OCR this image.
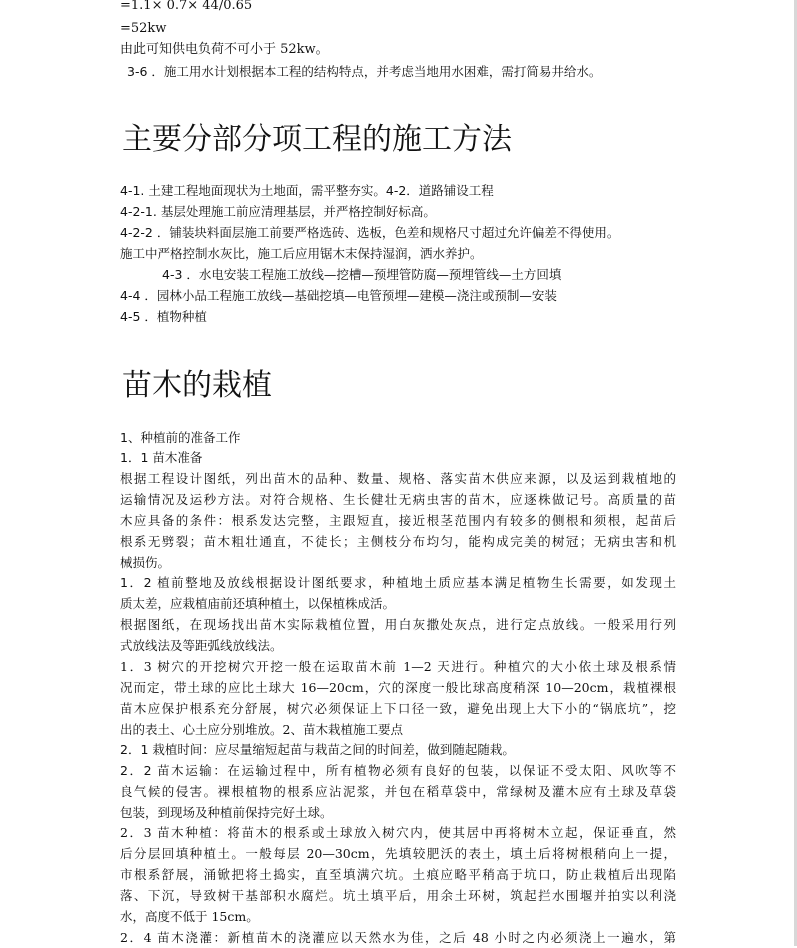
=1.1× 0.7× 44/0.65
=52kw
由此可知供电负荷不可小于 52kw。
3-6 ．施工用水计划根据本工程的结构特点，并考虑当地用水困难，需打简易井给水。
主要分部分项工程的施工方法
4-1. 土建工程地面现状为土地面，需平整夯实。4-2．道路铺设工程
4-2-1. 基层处理施工前应清理基层，并严格控制好标高。
4-2-2 ．铺装块料面层施工前要严格选砖、选板，色差和规格尺寸超过允许偏差不得使用。
施工中严格控制水灰比，施工后应用锯木末保持湿润，洒水养护。
4-3 ．水电安装工程施工放线—挖槽—预埋管防腐—预埋管线—土方回填
4-4 ．园林小品工程施工放线—基础挖填—电管预埋—建模—浇注或预制—安装
4-5 ．植物种植
苗木的栽植
1、种植前的准备工作
1．1 苗木准备
根据工程设计图纸，列出苗木的品种、数量、规格、落实苗木供应来源，以及运到栽植地的
运输情况及运秒方法。对符合规格、生长健壮无病虫害的苗木，应逐株做记号。高质量的苗
木应具备的条件：根系发达完整，主跟短直，接近根茎范围内有较多的侧根和须根，起苗后
根系无劈裂；苗木粗壮通直，不徒长；主侧枝分布均匀，能构成完美的树冠；无病虫害和机
械损伤。
1．2 植前整地及放线根据设计图纸要求，种植地土质应基本满足植物生长需要，如发现土
质太差，应栽植庙前还填种植土，以保植株成活。
根据图纸，在现场找出苗木实际栽植位置，用白灰撒处灰点，进行定点放线。一般采用行列
式放线法及等距弧线放线法。
1．3 树穴的开挖树穴开挖一般在运取苗木前 1—2 天进行。种植穴的大小依土球及根系情
况而定，带土球的应比土球大 16—20cm，穴的深度一般比球高度稍深 10—20cm，栽植裸根
苗木应保护根系充分舒展，树穴必须保证上下口径一致，避免出现上大下小的“锅底坑”，挖
出的表土、心土应分别堆放。2、苗木栽植施工要点
2．1 栽植时间：应尽量缩短起苗与栽苗之间的时间差，做到随起随栽。
2．2 苗木运输：在运输过程中，所有植物必须有良好的包装，以保证不受太阳、风吹等不
良气候的侵害。裸根植物的根系应沾泥浆，并包在稻草袋中，常绿树及灌木应有土球及草袋
包装，到现场及种植前保持完好土球。
2．3 苗木种植：将苗木的根系或土球放入树穴内，使其居中再将树木立起，保证垂直，然
后分层回填种植土。一般每层 20—30cm，先填较肥沃的表土，填土后将树根稍向上一提，
市根系舒展，涌锨把将土捣实，直至填满穴坑。土痕应略平稍高于坑口，防止栽植后出现陷
落、下沉，导致树干基部积水腐烂。坑土填平后，用余土环树，筑起拦水围堰并拍实以利浇
水，高度不低于 15cm。
2．4 苗木浇灌：新植苗木的浇灌应以天然水为佳，之后 48 小时之内必须浇上一遍水，第
